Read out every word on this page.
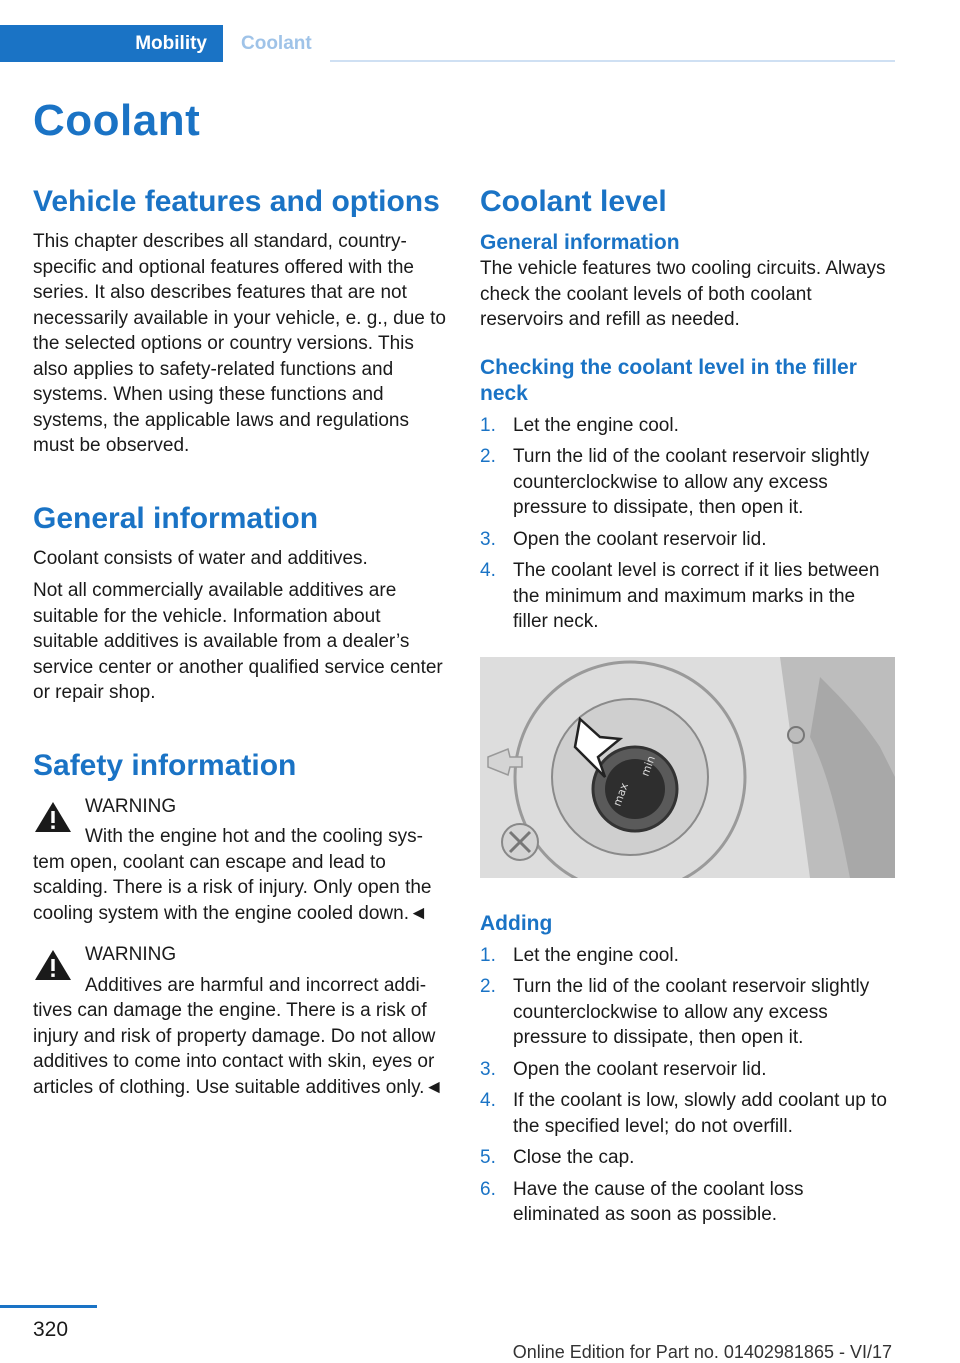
Mobility Coolant
Coolant
Vehicle features and options

This chapter describes all standard, country-specific and optional features offered with the series. It also describes features that are not necessarily available in your vehicle, e. g., due to the selected options or country versions. This also applies to safety-related functions and systems. When using these functions and systems, the applicable laws and regulations must be observed.

General information

Coolant consists of water and additives.

Not all commercially available additives are suitable for the vehicle. Information about suitable additives is available from a dealer’s service center or another qualified service center or repair shop.

Safety information
WARNING
With the engine hot and the cooling sys-
tem open, coolant can escape and lead to scalding. There is a risk of injury. Only open the cooling system with the engine cooled down.◄
WARNING
Additives are harmful and incorrect addi-
tives can damage the engine. There is a risk of injury and risk of property damage. Do not allow additives to come into contact with skin, eyes or articles of clothing. Use suitable additives only.◄
Coolant level
General information

The vehicle features two cooling circuits. Always check the coolant levels of both coolant reservoirs and refill as needed.

Checking the coolant level in the filler neck
1. Let the engine cool.
2. Turn the lid of the coolant reservoir slightly counterclockwise to allow any excess pressure to dissipate, then open it.
3. Open the coolant reservoir lid.
4. The coolant level is correct if it lies between the minimum and maximum marks in the filler neck.
min
max
Adding
1. Let the engine cool.
2. Turn the lid of the coolant reservoir slightly counterclockwise to allow any excess pressure to dissipate, then open it.
3. Open the coolant reservoir lid.
4. If the coolant is low, slowly add coolant up to the specified level; do not overfill.
5. Close the cap.
6. Have the cause of the coolant loss eliminated as soon as possible.
320
Online Edition for Part no. 01402981865 - VI/17
